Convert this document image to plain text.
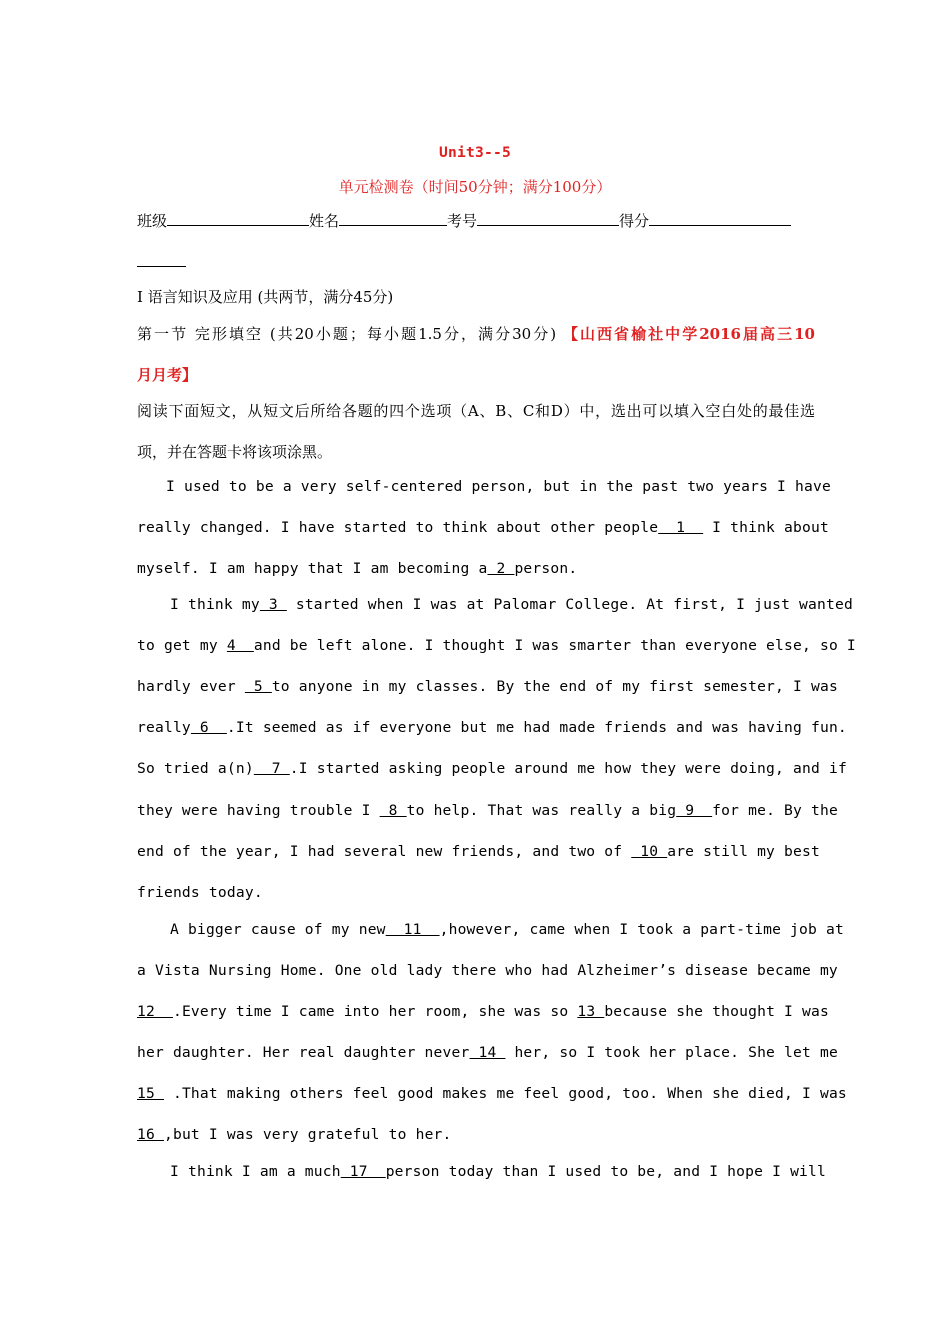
Unit3--5
单元检测卷（时间50分钟；满分100分）
班级	姓名	考号	得分
I 语言知识及应用 (共两节，满分45分)
第一节 完形填空 (共20小题；每小题1.5分，满分30分) 【山西省榆社中学2016届高三10
月月考】
阅读下面短文，从短文后所给各题的四个选项（A、B、C和D）中，选出可以填入空白处的最佳选
项，并在答题卡将该项涂黑。
I used to be a very self-centered person, but in the past two years I have
really changed. I have started to think about other people  1   I think about
myself. I am happy that I am becoming a 2 person.
I think my 3  started when I was at Palomar College. At first, I just wanted
to get my 4  and be left alone. I thought I was smarter than everyone else, so I
hardly ever  5 to anyone in my classes. By the end of my first semester, I was
really 6  .It seemed as if everyone but me had made friends and was having fun.
So tried a(n)  7 .I started asking people around me how they were doing, and if
they were having trouble I  8 to help. That was really a big 9  for me. By the
end of the year, I had several new friends, and two of  10 are still my best
friends today.
A bigger cause of my new  11  ,however, came when I took a part-time job at
a Vista Nursing Home. One old lady there who had Alzheimer’s disease became my
12  .Every time I came into her room, she was so 13 because she thought I was
her daughter. Her real daughter never 14  her, so I took her place. She let me
15  .That making others feel good makes me feel good, too. When she died, I was
16 ,but I was very grateful to her.
I think I am a much 17  person today than I used to be, and I hope I will
